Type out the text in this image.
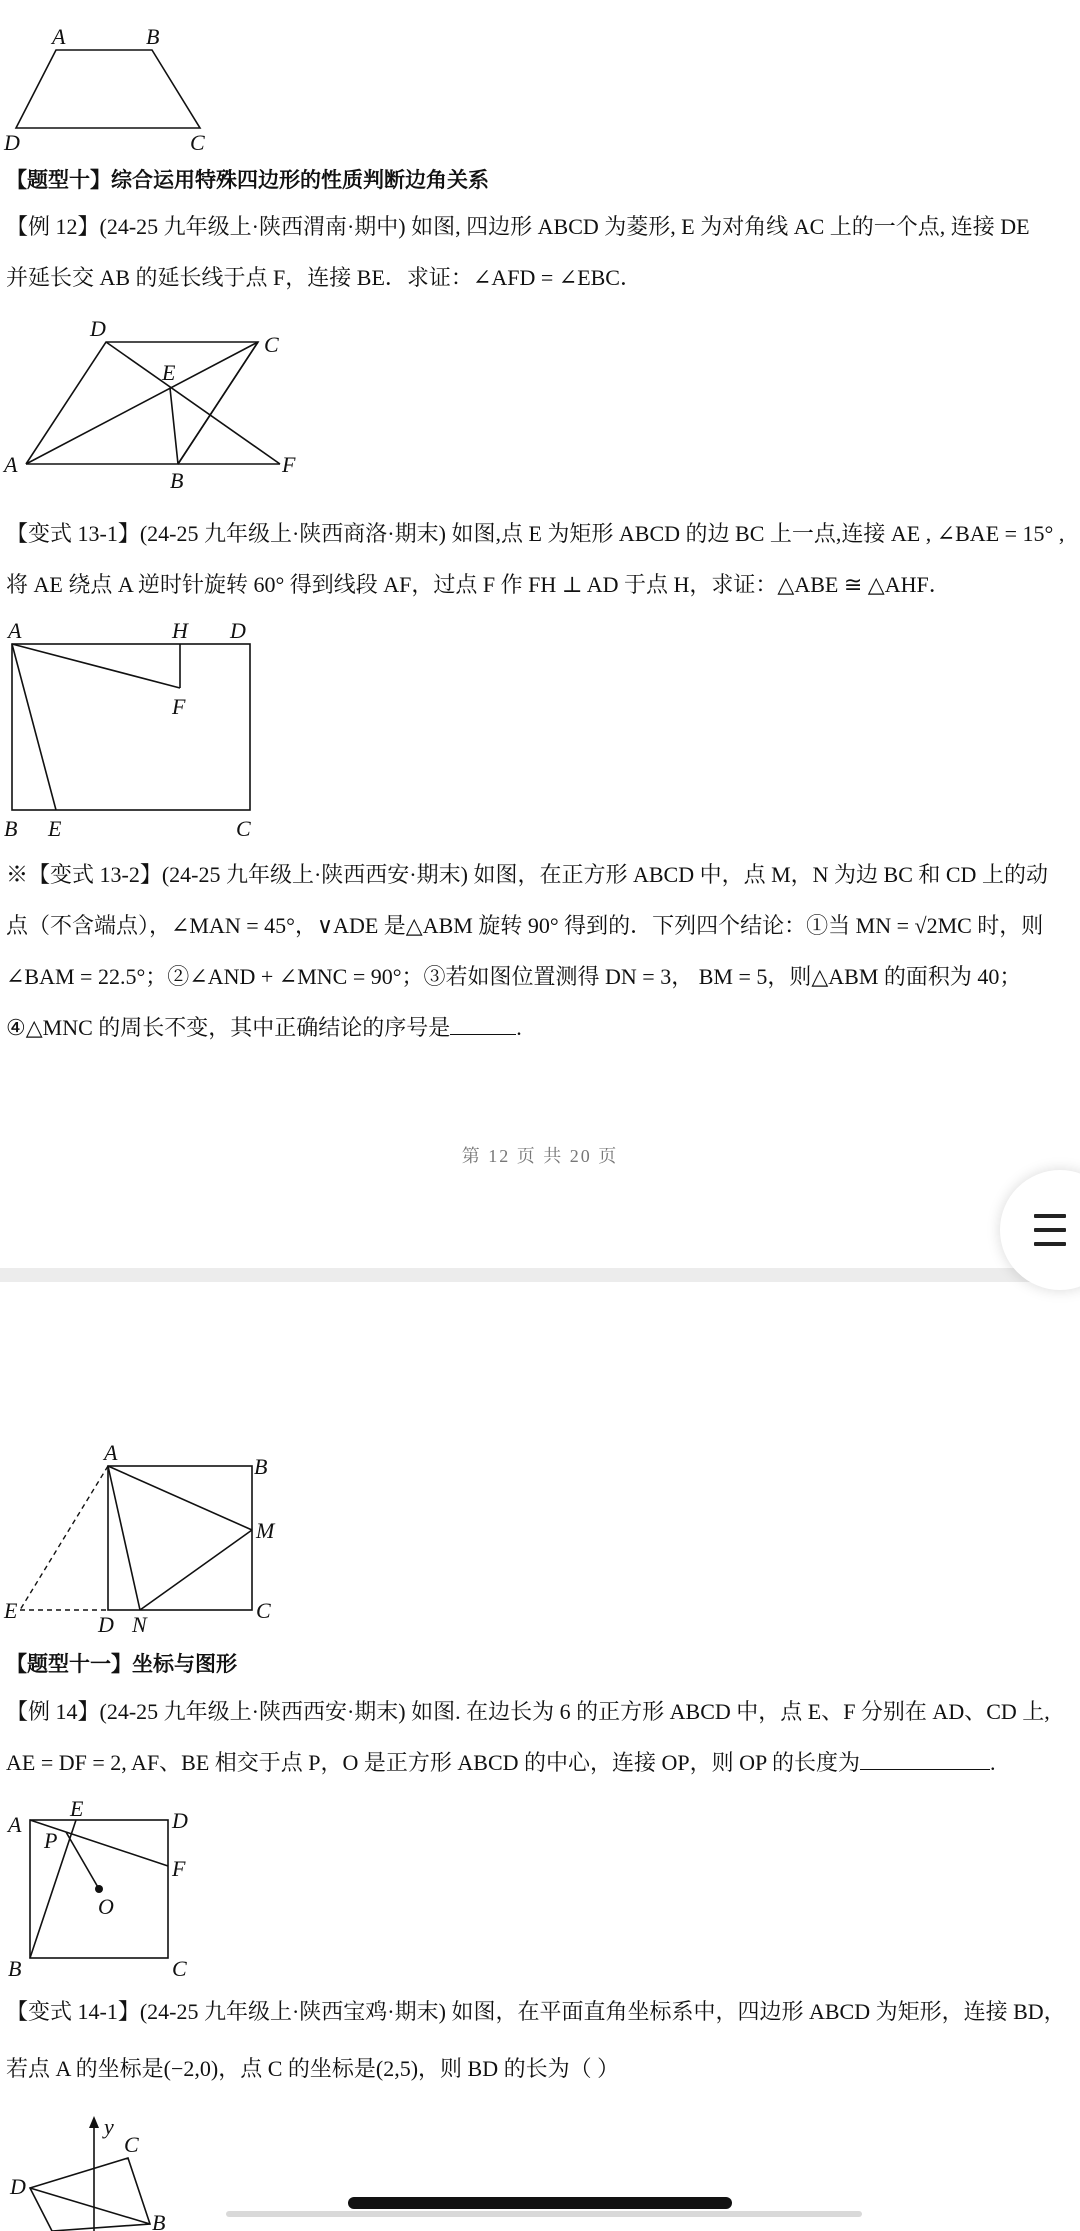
A	B
D	C
【题型十】综合运用特殊四边形的性质判断边角关系
【例 12】(24-25 九年级上·陕西渭南·期中) 如图, 四边形 ABCD 为菱形, E 为对角线 AC 上的一个点, 连接 DE
并延长交 AB 的延长线于点 F，连接 BE．求证：∠AFD = ∠EBC．
D
C
E
A
B
F
【变式 13-1】(24-25 九年级上·陕西商洛·期末) 如图,点 E 为矩形 ABCD 的边 BC 上一点,连接 AE , ∠BAE = 15° ,
将 AE 绕点 A 逆时针旋转 60° 得到线段 AF，过点 F 作 FH ⊥ AD 于点 H，求证：△ABE ≅ △AHF．
A	H D
F
B E	C
※【变式 13-2】(24-25 九年级上·陕西西安·期末) 如图，在正方形 ABCD 中，点 M，N 为边 BC 和 CD 上的动
点（不含端点），∠MAN = 45°，∨ADE 是△ABM 旋转 90° 得到的．下列四个结论：①当 MN = √2MC 时，则
∠BAM = 22.5°；②∠AND + ∠MNC = 90°；③若如图位置测得 DN = 3， BM = 5，则△ABM 的面积为 40；
④△MNC 的周长不变，其中正确结论的序号是	.
第 12 页 共 20 页
A
B
M
E
D N
C
【题型十一】坐标与图形
【例 14】(24-25 九年级上·陕西西安·期末) 如图. 在边长为 6 的正方形 ABCD 中，点 E、F 分别在 AD、CD 上,
AE = DF = 2, AF、BE 相交于点 P，O 是正方形 ABCD 的中心，连接 OP，则 OP 的长度为	.
A
E	D
P
F
O
B	C
【变式 14-1】(24-25 九年级上·陕西宝鸡·期末) 如图，在平面直角坐标系中，四边形 ABCD 为矩形，连接 BD，
若点 A 的坐标是(−2,0)，点 C 的坐标是(2,5)，则 BD 的长为（ ）
y
C
D
B
